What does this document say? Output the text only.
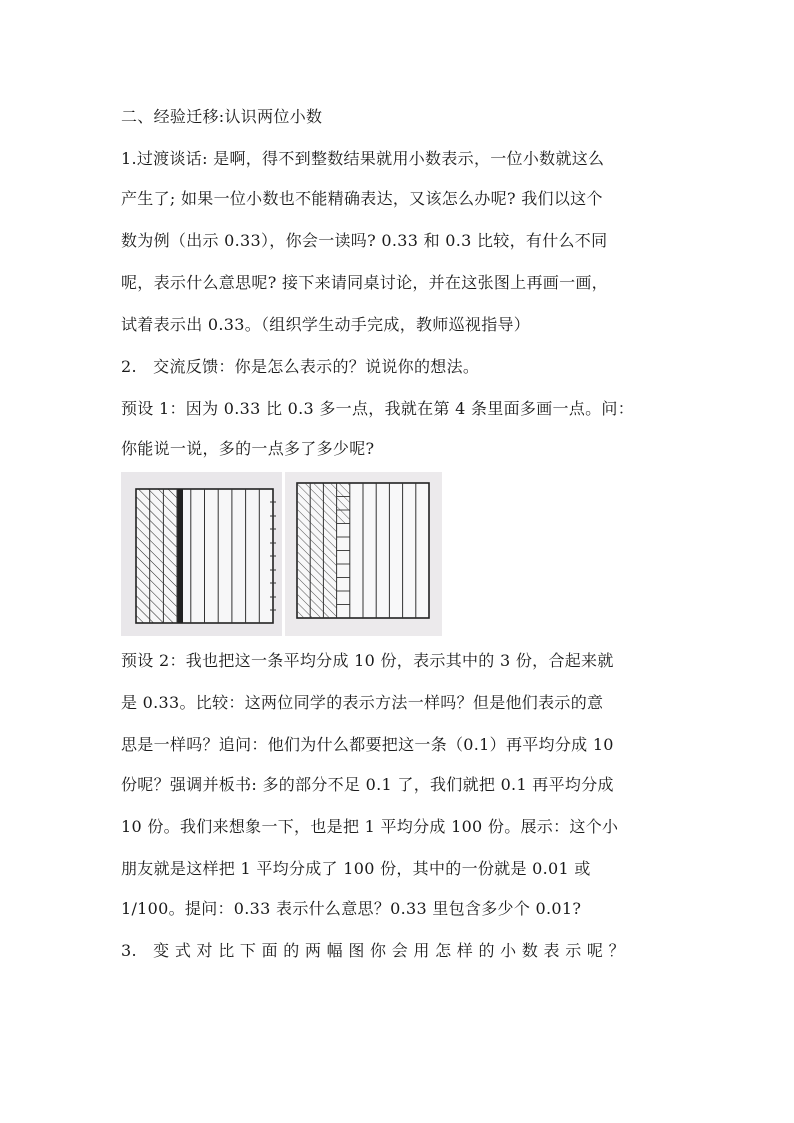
二、经验迁移:认识两位小数
1.过渡谈话: 是啊，得不到整数结果就用小数表示，一位小数就这么
产生了; 如果一位小数也不能精确表达，又该怎么办呢? 我们以这个
数为例（出示 0.33），你会一读吗? 0.33 和 0.3 比较，有什么不同
呢，表示什么意思呢? 接下来请同桌讨论，并在这张图上再画一画，
试着表示出 0.33。（组织学生动手完成，教师巡视指导）
2.　交流反馈：你是怎么表示的？说说你的想法。
预设 1：因为 0.33 比 0.3 多一点，我就在第 4 条里面多画一点。问：
你能说一说，多的一点多了多少呢?
预设 2：我也把这一条平均分成 10 份，表示其中的 3 份，合起来就
是 0.33。比较：这两位同学的表示方法一样吗？但是他们表示的意
思是一样吗？追问：他们为什么都要把这一条（0.1）再平均分成 10
份呢？强调并板书: 多的部分不足 0.1 了，我们就把 0.1 再平均分成
10 份。我们来想象一下，也是把 1 平均分成 100 份。展示：这个小
朋友就是这样把 1 平均分成了 100 份，其中的一份就是 0.01 或
1/100。提问：0.33 表示什么意思？0.33 里包含多少个 0.01?
3.　变 式 对 比 下 面 的 两 幅 图 你 会 用 怎 样 的 小 数 表 示 呢 ？
